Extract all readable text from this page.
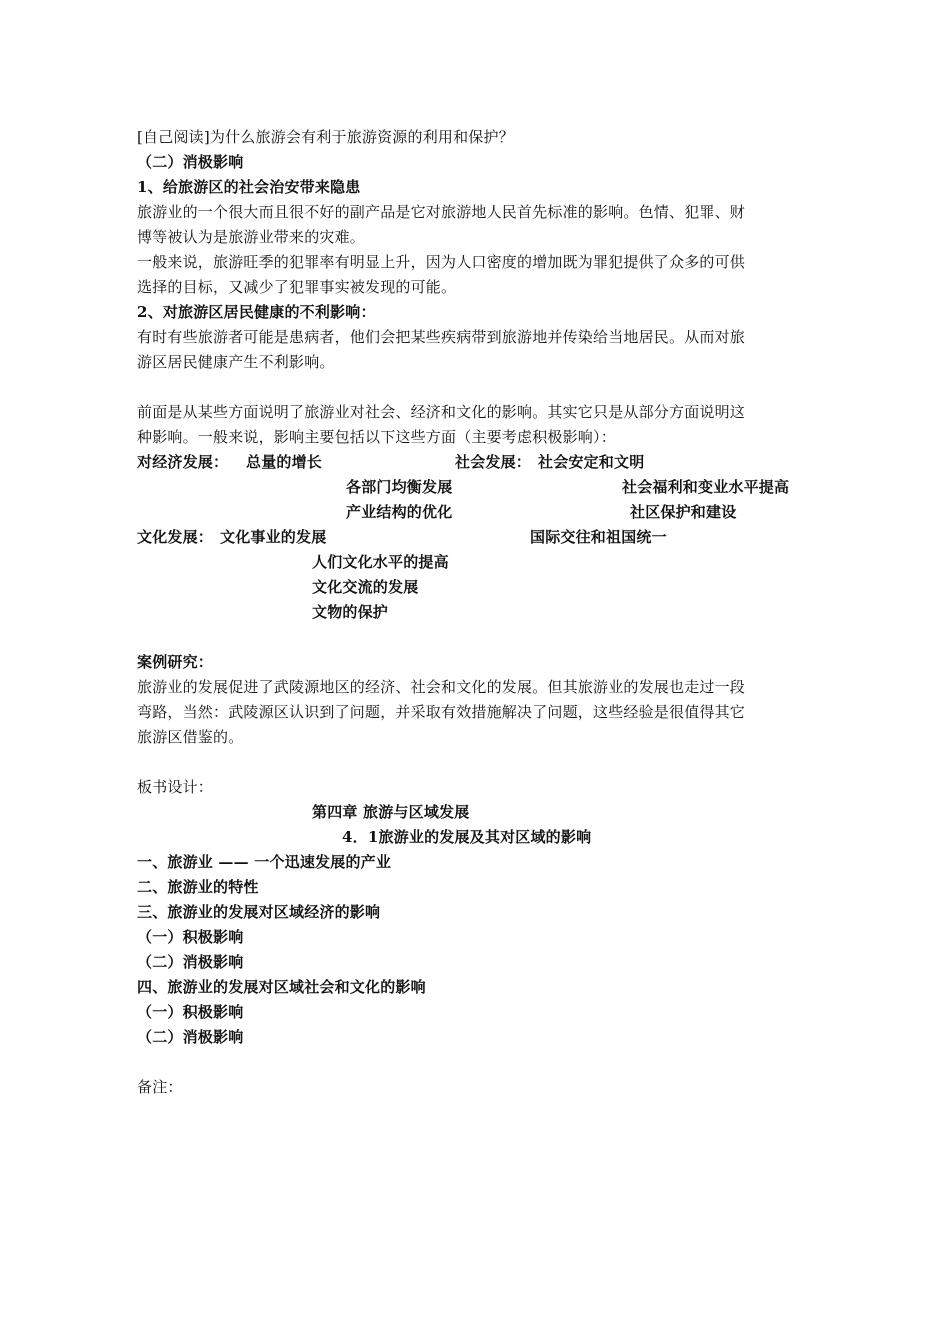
[自己阅读]为什么旅游会有利于旅游资源的利用和保护？
（二）消极影响
1、给旅游区的社会治安带来隐患
旅游业的一个很大而且很不好的副产品是它对旅游地人民首先标准的影响。色情、犯罪、财
博等被认为是旅游业带来的灾难。
一般来说，旅游旺季的犯罪率有明显上升，因为人口密度的增加既为罪犯提供了众多的可供
选择的目标，又减少了犯罪事实被发现的可能。
2、对旅游区居民健康的不利影响：
有时有些旅游者可能是患病者，他们会把某些疾病带到旅游地并传染给当地居民。从而对旅
游区居民健康产生不利影响。
前面是从某些方面说明了旅游业对社会、经济和文化的影响。其实它只是从部分方面说明这
种影响。一般来说，影响主要包括以下这些方面（主要考虑积极影响）：
对经济发展： 总量的增长	社会发展： 社会安定和文明
各部门均衡发展	社会福利和变业水平提高
产业结构的优化	社区保护和建设
文化发展： 文化事业的发展	国际交往和祖国统一
人们文化水平的提高
文化交流的发展
文物的保护
案例研究：
旅游业的发展促进了武陵源地区的经济、社会和文化的发展。但其旅游业的发展也走过一段
弯路，当然：武陵源区认识到了问题，并采取有效措施解决了问题，这些经验是很值得其它
旅游区借鉴的。
板书设计：
第四章 旅游与区域发展
4．1旅游业的发展及其对区域的影响
一、旅游业 —— 一个迅速发展的产业
二、旅游业的特性
三、旅游业的发展对区域经济的影响
（一）积极影响
（二）消极影响
四、旅游业的发展对区域社会和文化的影响
（一）积极影响
（二）消极影响
备注：
